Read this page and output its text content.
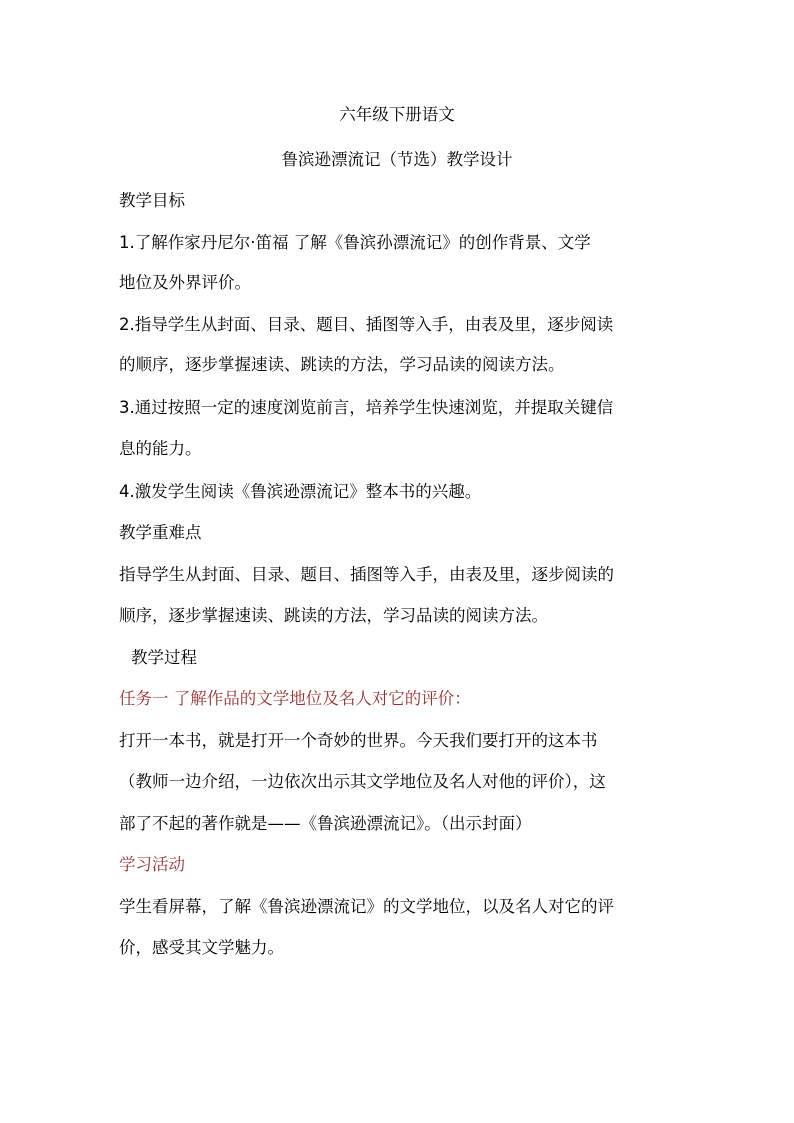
六年级下册语文
鲁滨逊漂流记（节选）教学设计
教学目标
1.了解作家丹尼尔·笛福 了解《鲁滨孙漂流记》的创作背景、文学
地位及外界评价。
2.指导学生从封面、目录、题目、插图等入手，由表及里，逐步阅读
的顺序，逐步掌握速读、跳读的方法，学习品读的阅读方法。
3.通过按照一定的速度浏览前言，培养学生快速浏览，并提取关键信
息的能力。
4.激发学生阅读《鲁滨逊漂流记》整本书的兴趣。
教学重难点
指导学生从封面、目录、题目、插图等入手，由表及里，逐步阅读的
顺序，逐步掌握速读、跳读的方法，学习品读的阅读方法。
教学过程
任务一 了解作品的文学地位及名人对它的评价：
打开一本书，就是打开一个奇妙的世界。今天我们要打开的这本书
（教师一边介绍，一边依次出示其文学地位及名人对他的评价），这
部了不起的著作就是——《鲁滨逊漂流记》。（出示封面）
学习活动
学生看屏幕，了解《鲁滨逊漂流记》的文学地位，以及名人对它的评
价，感受其文学魅力。
